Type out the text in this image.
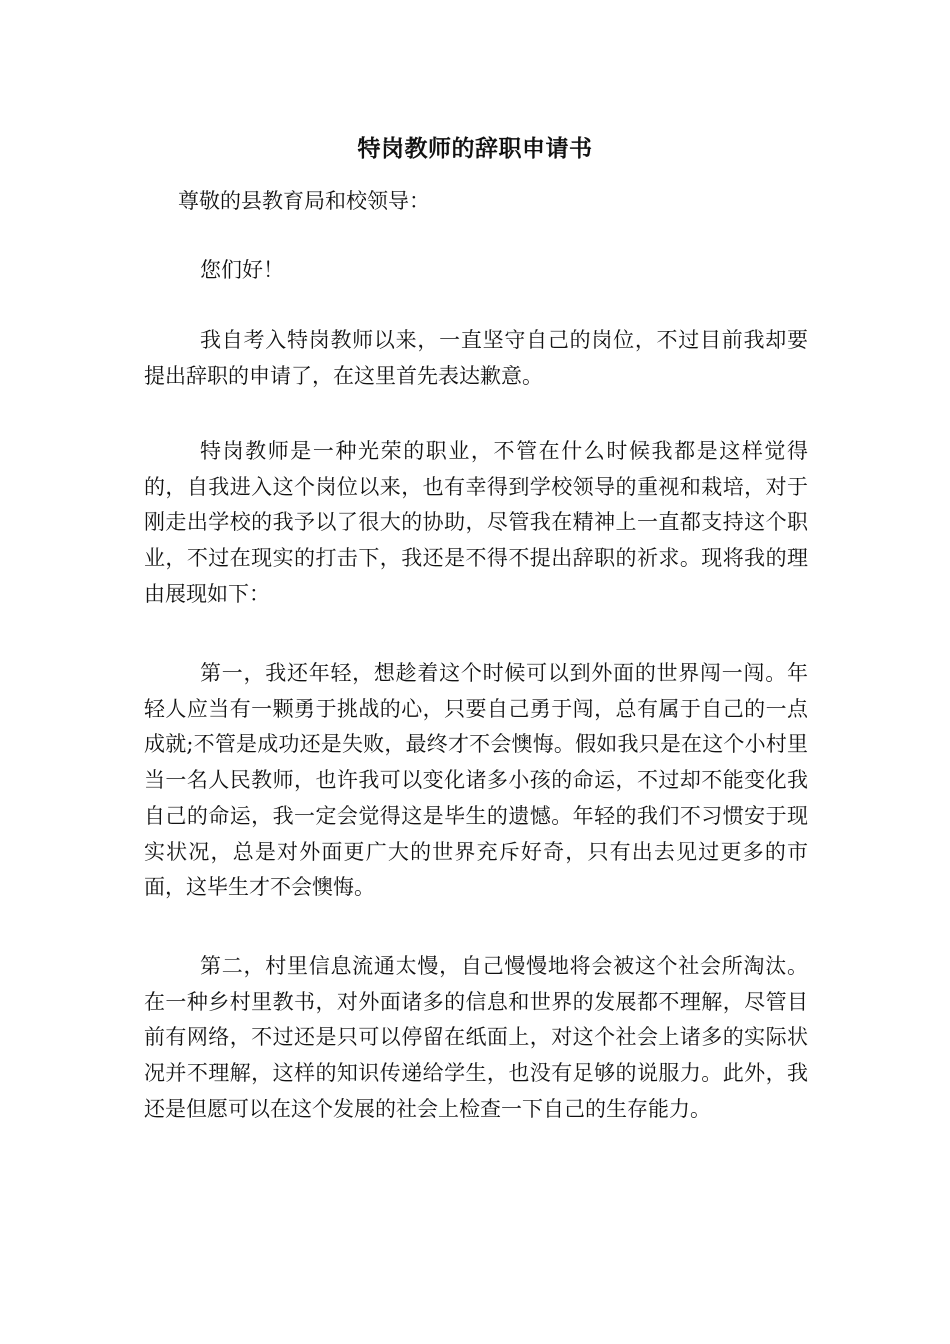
特岗教师的辞职申请书
尊敬的县教育局和校领导：

您们好！

我自考入特岗教师以来，一直坚守自己的岗位，不过目前我却要提出辞职的申请了，在这里首先表达歉意。

特岗教师是一种光荣的职业，不管在什么时候我都是这样觉得的，自我进入这个岗位以来，也有幸得到学校领导的重视和栽培，对于刚走出学校的我予以了很大的协助，尽管我在精神上一直都支持这个职业，不过在现实的打击下，我还是不得不提出辞职的祈求。现将我的理由展现如下：

第一，我还年轻，想趁着这个时候可以到外面的世界闯一闯。年轻人应当有一颗勇于挑战的心，只要自己勇于闯，总有属于自己的一点成就;不管是成功还是失败，最终才不会懊悔。假如我只是在这个小村里当一名人民教师，也许我可以变化诸多小孩的命运，不过却不能变化我自己的命运，我一定会觉得这是毕生的遗憾。年轻的我们不习惯安于现实状况，总是对外面更广大的世界充斥好奇，只有出去见过更多的市面，这毕生才不会懊悔。

第二，村里信息流通太慢，自己慢慢地将会被这个社会所淘汰。在一种乡村里教书，对外面诸多的信息和世界的发展都不理解，尽管目前有网络，不过还是只可以停留在纸面上，对这个社会上诸多的实际状况并不理解，这样的知识传递给学生，也没有足够的说服力。此外，我还是但愿可以在这个发展的社会上检查一下自己的生存能力。
